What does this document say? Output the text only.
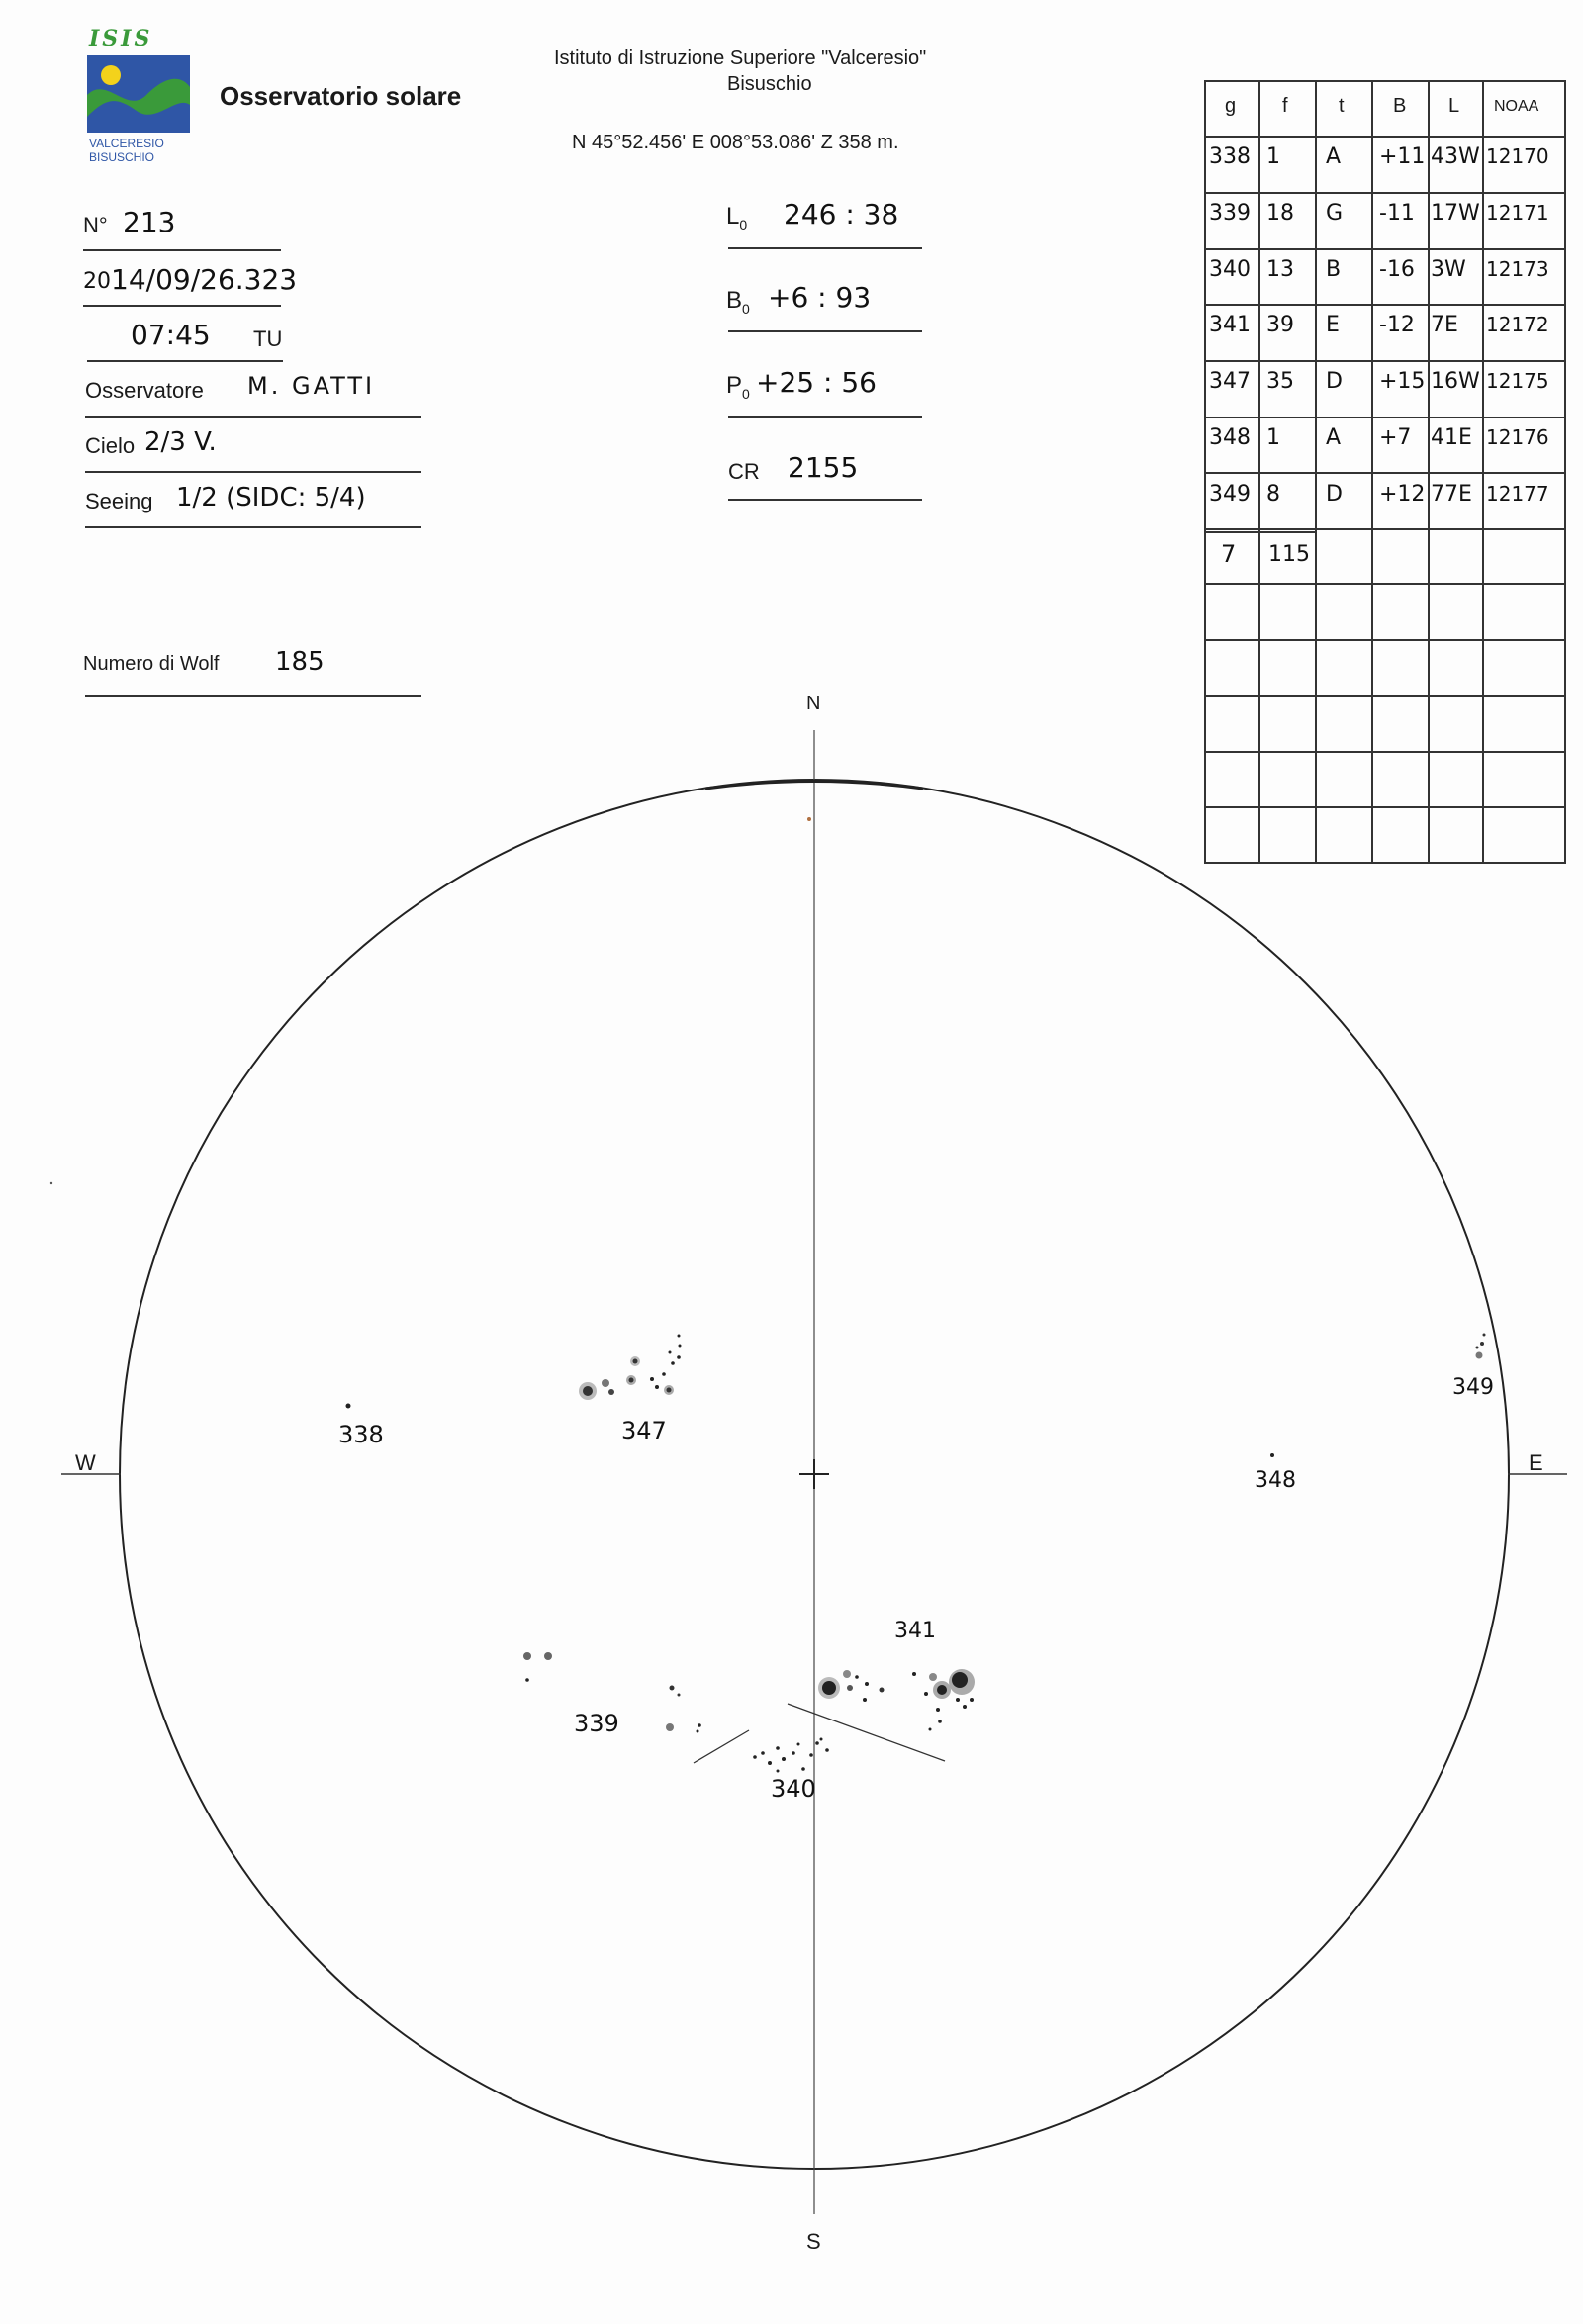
ISIS
VALCERESIO
BISUSCHIO
Osservatorio solare
Istituto di Istruzione Superiore "Valceresio"
Bisuschio
N 45°52.456' E 008°53.086' Z 358 m.
N° 213
20 14/09/26.323
07:45 TU
Osservatore M. GATTI
Cielo 2/3 V.
Seeing 1/2 (SIDC: 5/4)
Numero di Wolf 185
$L_0$ 246 : 38
$B_0 +6$ : 93
$P_0 +25$ : 56
CR 2155
g f	t B L NOAA
338 1 A +11 43W 12170
339 18 G -11 17W 12171
340 13 B -16 3W 12173
341 39 E -12 7E 12172
347 35 D +15 16W 12175
348 1 A +7 41E 12176
349 8 D +12 77E 12177
7 115
N
S
W	E
338	347
349
348
341
339
340
